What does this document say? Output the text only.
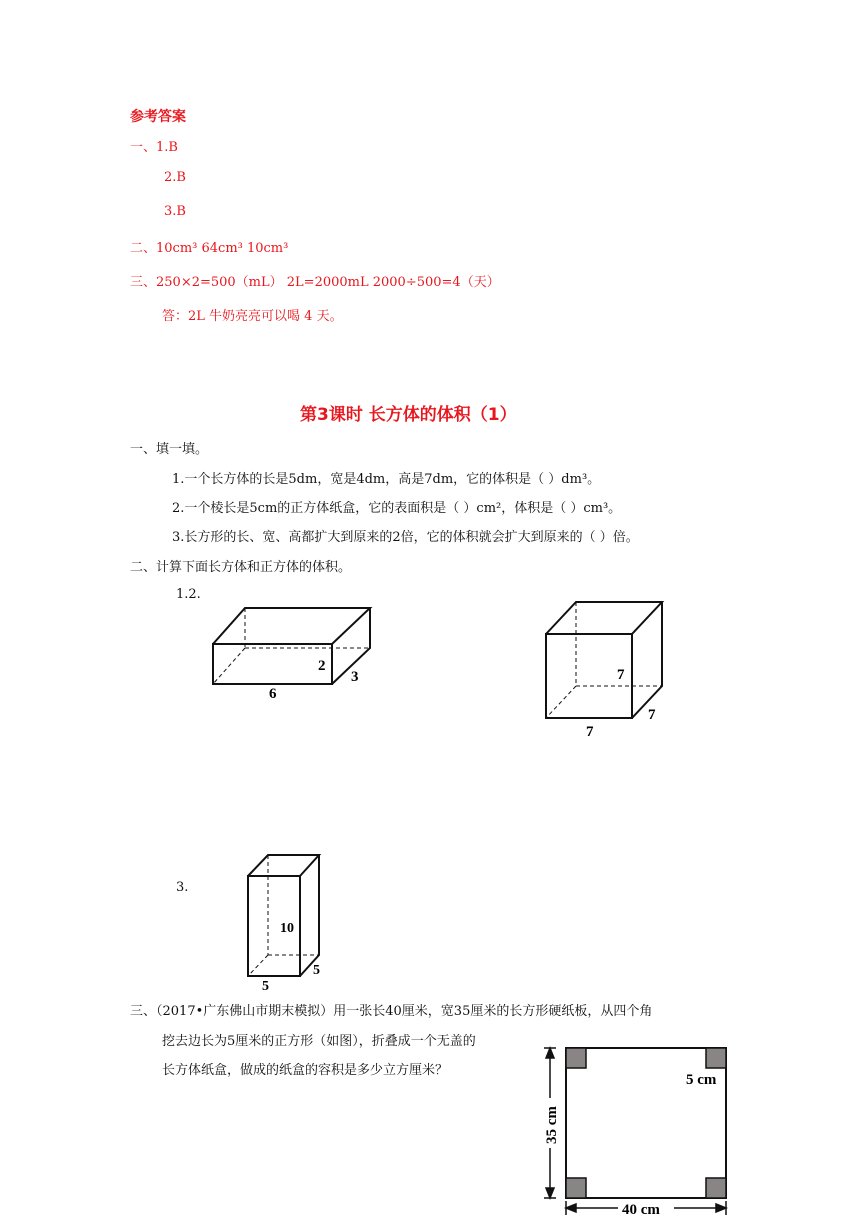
参考答案
一、1.B
2.B
3.B
二、10cm³ 64cm³ 10cm³
三、250×2=500（mL） 2L=2000mL 2000÷500=4（天）
答：2L 牛奶亮亮可以喝 4 天。
第3课时 长方体的体积（1）
一、填一填。
1.一个长方体的长是5dm，宽是4dm，高是7dm，它的体积是（ ）dm³。
2.一个棱长是5cm的正方体纸盒，它的表面积是（ ）cm²，体积是（ ）cm³。
3.长方形的长、宽、高都扩大到原来的2倍，它的体积就会扩大到原来的（ ）倍。
二、计算下面长方体和正方体的体积。
1.2.
3.
6
2
3	7
7
7
10
5
5
三、（2017•广东佛山市期末模拟）用一张长40厘米，宽35厘米的长方形硬纸板，从四个角
挖去边长为5厘米的正方形（如图），折叠成一个无盖的
长方体纸盒，做成的纸盒的容积是多少立方厘米？
5 cm
35 cm
40 cm
